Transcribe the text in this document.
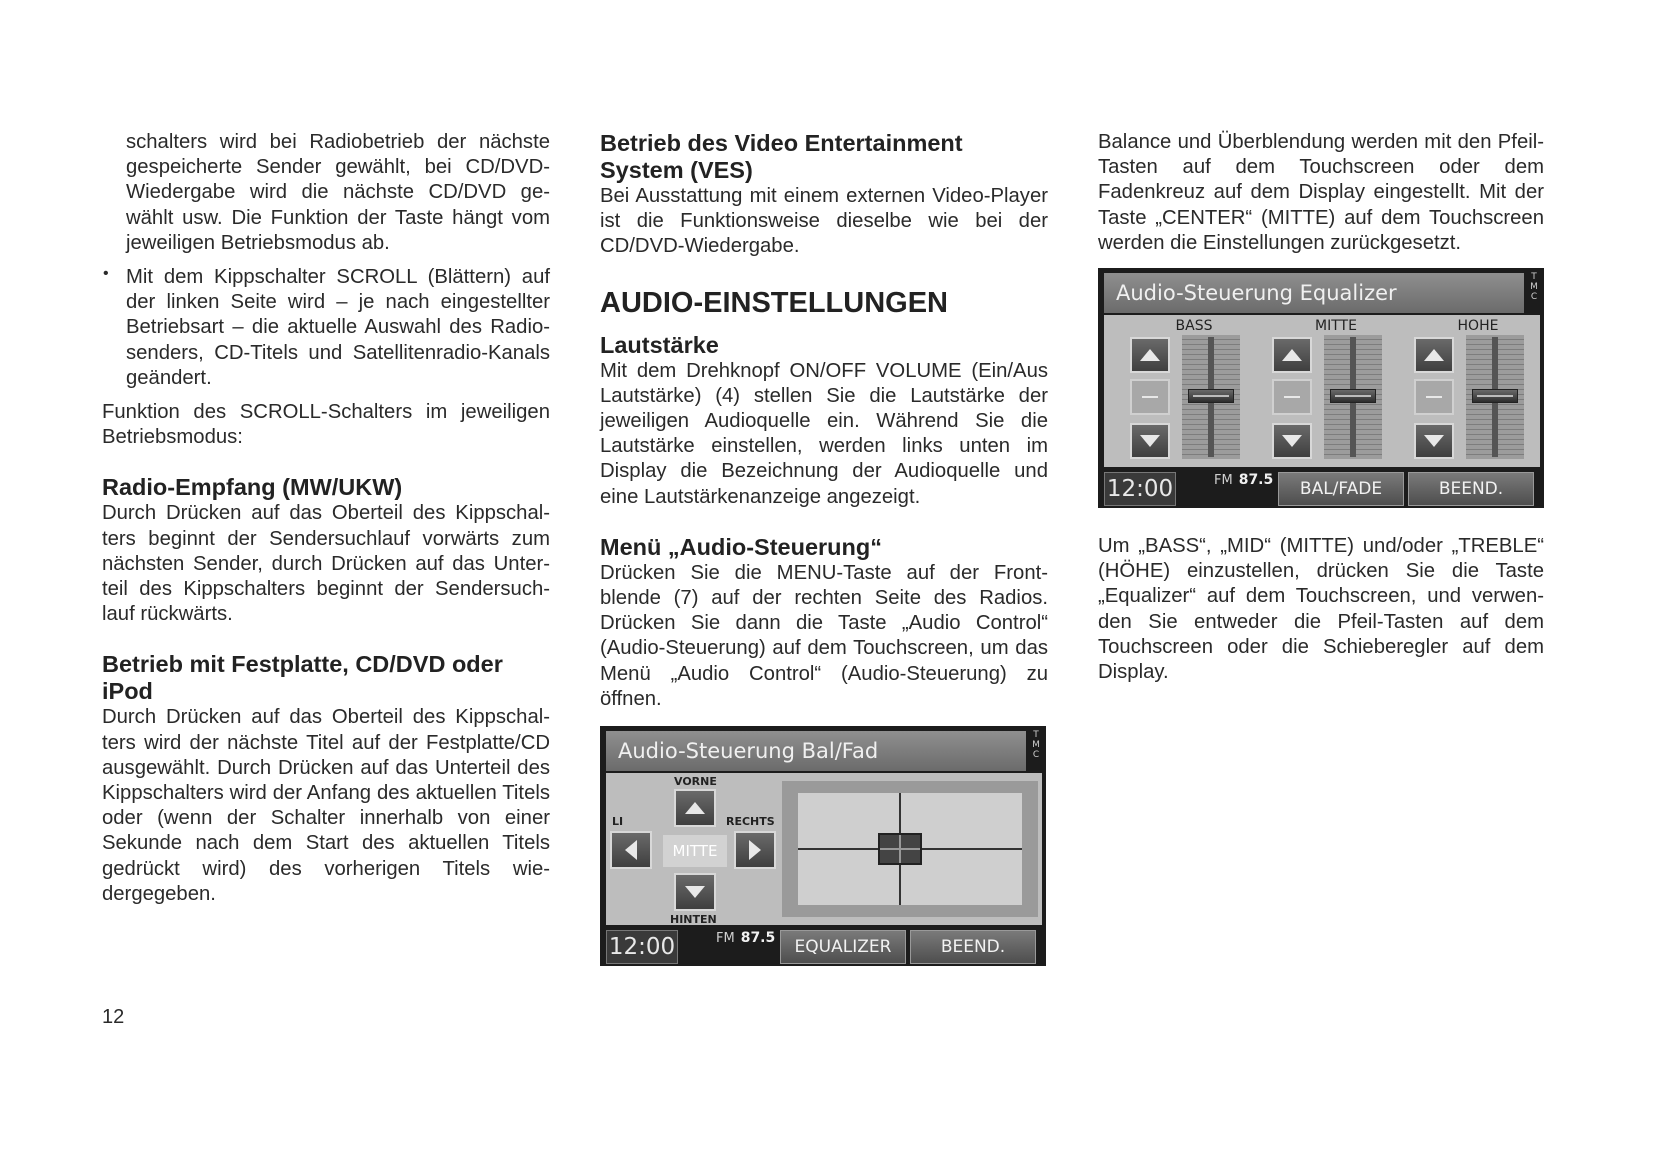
schalters wird bei Radiobetrieb der nächste gespeicherte Sender gewählt, bei CD/DVD-Wiedergabe wird die nächste CD/DVD ge-wählt usw. Die Funktion der Taste hängt vom jeweiligen Betriebsmodus ab.

• Mit dem Kippschalter SCROLL (Blättern) auf der linken Seite wird – je nach eingestellter Betriebsart – die aktuelle Auswahl des Radio-senders, CD-Titels und Satellitenradio-Kanals geändert.

Funktion des SCROLL-Schalters im jeweiligen Betriebsmodus:

Radio-Empfang (MW/UKW)

Durch Drücken auf das Oberteil des Kippschal-ters beginnt der Sendersuchlauf vorwärts zum nächsten Sender, durch Drücken auf das Unter-teil des Kippschalters beginnt der Sendersuch-lauf rückwärts.

Betrieb mit Festplatte, CD/DVD oder iPod

Durch Drücken auf das Oberteil des Kippschal-ters wird der nächste Titel auf der Festplatte/CD ausgewählt. Durch Drücken auf das Unterteil des Kippschalters wird der Anfang des aktuellen Titels oder (wenn der Schalter innerhalb von einer Sekunde nach dem Start des aktuellen Titels gedrückt wird) des vorherigen Titels wie-dergegeben.

Betrieb des Video Entertainment System (VES)

Bei Ausstattung mit einem externen Video-Player ist die Funktionsweise dieselbe wie bei der CD/DVD-Wiedergabe.

AUDIO-EINSTELLUNGEN
Lautstärke

Mit dem Drehknopf ON/OFF VOLUME (Ein/Aus Lautstärke) (4) stellen Sie die Lautstärke der jeweiligen Audioquelle ein. Während Sie die Lautstärke einstellen, werden links unten im Display die Bezeichnung der Audioquelle und eine Lautstärkenanzeige angezeigt.

Menü „Audio-Steuerung“

Drücken Sie die MENU-Taste auf der Front-blende (7) auf der rechten Seite des Radios. Drücken Sie dann die Taste „Audio Control“ (Audio-Steuerung) auf dem Touchscreen, um das Menü „Audio Control“ (Audio-Steuerung) zu öffnen.

Audio-Steuerung Bal/Fad
T
M
C
VORNE
LI	RECHTS
MITTE
HINTEN
12:00	FM 87.5	EQUALIZER	BEEND.

Balance und Überblendung werden mit den Pfeil-Tasten auf dem Touchscreen oder dem Fadenkreuz auf dem Display eingestellt. Mit der Taste „CENTER“ (MITTE) auf dem Touchscreen werden die Einstellungen zurückgesetzt.

Audio-Steuerung Equalizer
T
M
C
BASS	MITTE	HOHE
12:00	FM 87.5	BAL/FADE	BEEND.

Um „BASS“, „MID“ (MITTE) und/oder „TREBLE“ (HÖHE) einzustellen, drücken Sie die Taste „Equalizer“ auf dem Touchscreen, und verwen-den Sie entweder die Pfeil-Tasten auf dem Touchscreen oder die Schieberegler auf dem Display.

12
